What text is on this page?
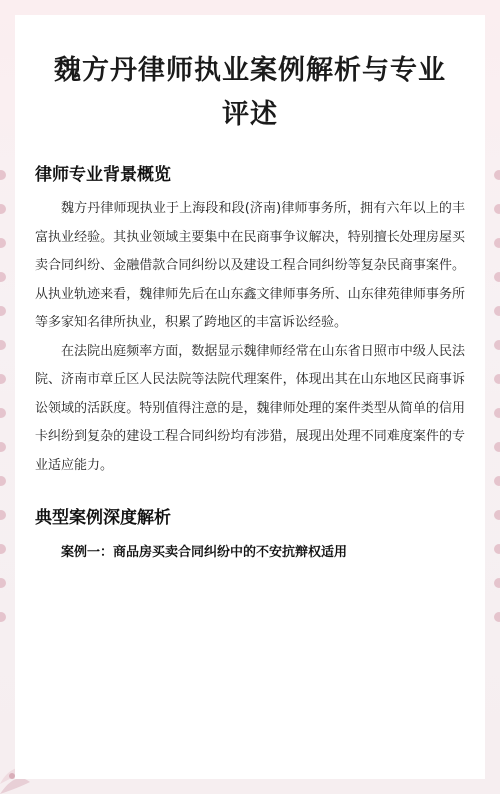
魏方丹律师执业案例解析与专业评述
律师专业背景概览

魏方丹律师现执业于上海段和段(济南)律师事务所，拥有六年以上的丰富执业经验。其执业领域主要集中在民商事争议解决，特别擅长处理房屋买卖合同纠纷、金融借款合同纠纷以及建设工程合同纠纷等复杂民商事案件。从执业轨迹来看，魏律师先后在山东鑫文律师事务所、山东律苑律师事务所等多家知名律所执业，积累了跨地区的丰富诉讼经验。

在法院出庭频率方面，数据显示魏律师经常在山东省日照市中级人民法院、济南市章丘区人民法院等法院代理案件，体现出其在山东地区民商事诉讼领域的活跃度。特别值得注意的是，魏律师处理的案件类型从简单的信用卡纠纷到复杂的建设工程合同纠纷均有涉猎，展现出处理不同难度案件的专业适应能力。

典型案例深度解析

案例一：商品房买卖合同纠纷中的不安抗辩权适用
